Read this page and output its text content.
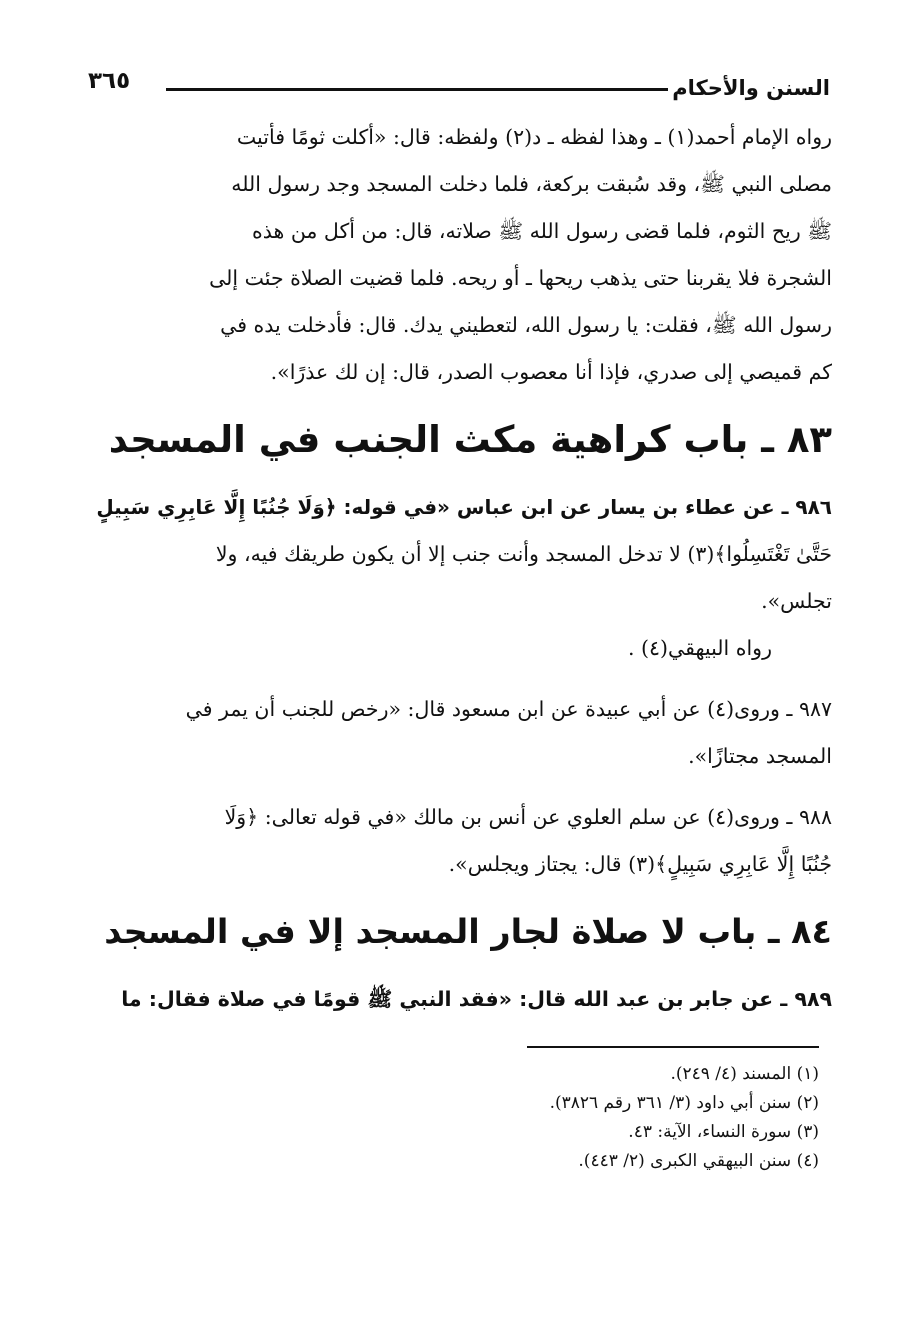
السنن والأحكام
٣٦٥
رواه الإمام أحمد(١) ـ وهذا لفظه ـ د(٢) ولفظه: قال: «أكلت ثومًا فأتيت
مصلى النبي ﷺ، وقد سُبقت بركعة، فلما دخلت المسجد وجد رسول الله
ﷺ ريح الثوم، فلما قضى رسول الله ﷺ صلاته، قال: من أكل من هذه
الشجرة فلا يقربنا حتى يذهب ريحها ـ أو ريحه. فلما قضيت الصلاة جئت إلى
رسول الله ﷺ، فقلت: يا رسول الله، لتعطيني يدك. قال: فأدخلت يده في
كم قميصي إلى صدري، فإذا أنا معصوب الصدر، قال: إن لك عذرًا».
٨٣ ـ باب كراهية مكث الجنب في المسجد
٩٨٦ ـ عن عطاء بن يسار عن ابن عباس «في قوله: ﴿وَلَا جُنُبًا إِلَّا عَابِرِي سَبِيلٍ
حَتَّىٰ تَغْتَسِلُوا﴾(٣) لا تدخل المسجد وأنت جنب إلا أن يكون طريقك فيه، ولا
تجلس».
رواه البيهقي(٤) .
٩٨٧ ـ وروى(٤) عن أبي عبيدة عن ابن مسعود قال: «رخص للجنب أن يمر في
المسجد مجتازًا».
٩٨٨ ـ وروى(٤) عن سلم العلوي عن أنس بن مالك «في قوله تعالى: ﴿وَلَا
جُنُبًا إِلَّا عَابِرِي سَبِيلٍ﴾(٣) قال: يجتاز ويجلس».
٨٤ ـ باب لا صلاة لجار المسجد إلا في المسجد
٩٨٩ ـ عن جابر بن عبد الله قال: «فقد النبي ﷺ قومًا في صلاة فقال: ما
(١) المسند (٤/ ٢٤٩).
(٢) سنن أبي داود (٣/ ٣٦١ رقم ٣٨٢٦).
(٣) سورة النساء، الآية: ٤٣.
(٤) سنن البيهقي الكبرى (٢/ ٤٤٣).
